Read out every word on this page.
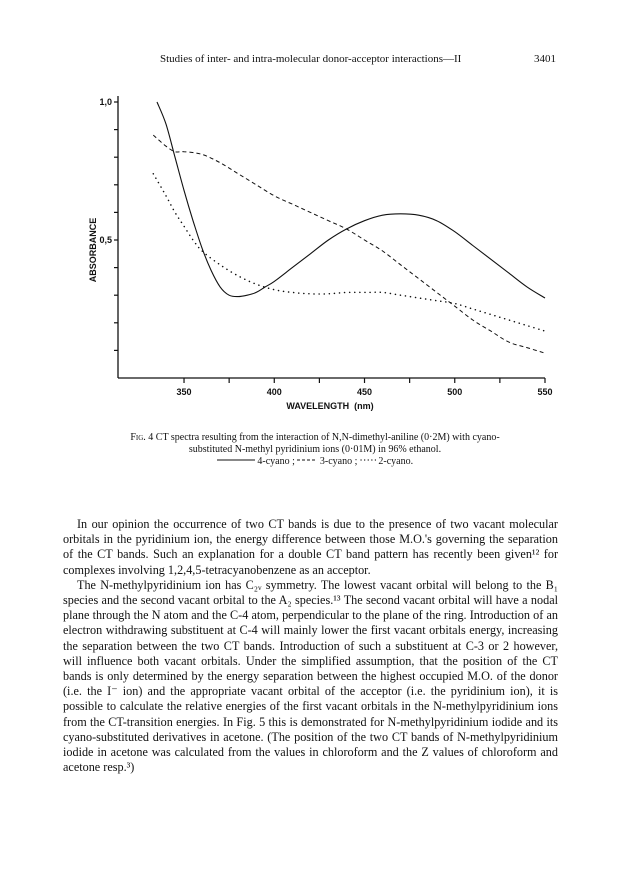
Studies of inter- and intra-molecular donor-acceptor interactions—II	3401
350	400	450	500	550
1,0
0,5
WAVELENGTH  (nm)
ABSORBANCE
Fig. 4 CT spectra resulting from the interaction of N,N-dimethyl-aniline (0·2M) with cyano-
substituted N-methyl pyridinium ions (0·01M) in 96% ethanol.
4-cyano ;	3-cyano ; 2-cyano.

In our opinion the occurrence of two CT bands is due to the presence of two vacant molecular orbitals in the pyridinium ion, the energy difference between those M.O.'s governing the separation of the CT bands. Such an explanation for a double CT band pattern has recently been given¹² for complexes involving 1,2,4,5-tetracyanobenzene as an acceptor.

The N-methylpyridinium ion has C₂ᵥ symmetry. The lowest vacant orbital will belong to the B₁ species and the second vacant orbital to the A₂ species.¹³ The second vacant orbital will have a nodal plane through the N atom and the C-4 atom, perpendicular to the plane of the ring. Introduction of an electron withdrawing substituent at C-4 will mainly lower the first vacant orbitals energy, increasing the separation between the two CT bands. Introduction of such a substituent at C-3 or 2 however, will influence both vacant orbitals. Under the simplified assumption, that the position of the CT bands is only determined by the energy separation between the highest occupied M.O. of the donor (i.e. the I⁻ ion) and the appropriate vacant orbital of the acceptor (i.e. the pyridinium ion), it is possible to calculate the relative energies of the first vacant orbitals in the N-methylpyridinium ions from the CT-transition energies. In Fig. 5 this is demonstrated for N-methylpyridinium iodide and its cyano-substituted derivatives in acetone. (The position of the two CT bands of N-methylpyridinium iodide in acetone was calculated from the values in chloroform and the Z values of chloroform and acetone resp.³)
